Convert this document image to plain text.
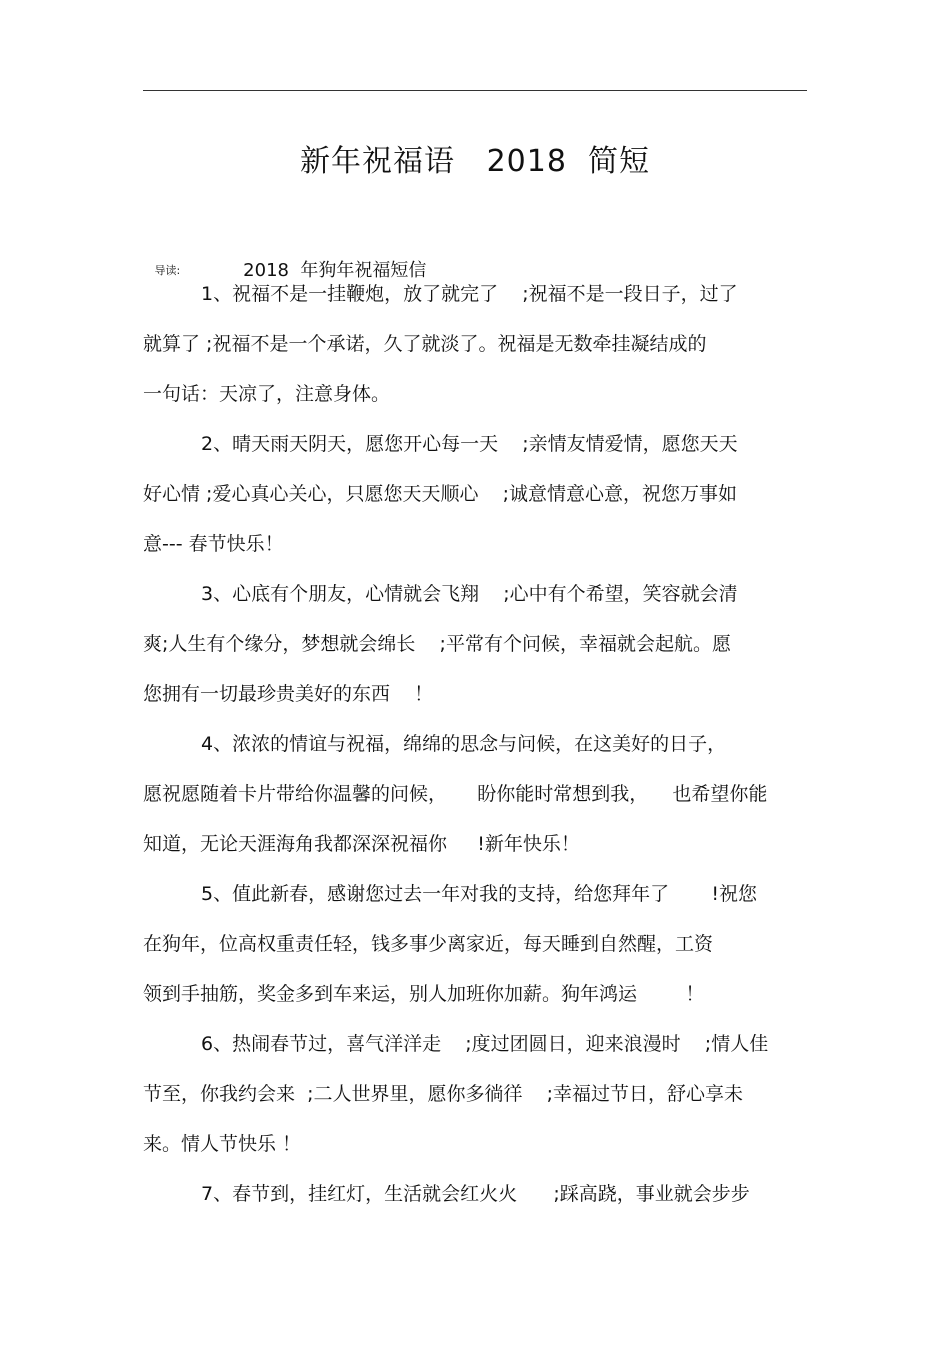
新年祝福语   2018  简短

导读:	2018  年狗年祝福短信

1、祝福不是一挂鞭炮，放了就完了    ;祝福不是一段日子，过了
就算了 ;祝福不是一个承诺，久了就淡了。祝福是无数牵挂凝结成的
一句话：天凉了，注意身体。
2、晴天雨天阴天，愿您开心每一天    ;亲情友情爱情，愿您天天
好心情 ;爱心真心关心，只愿您天天顺心    ;诚意情意心意，祝您万事如
意--- 春节快乐！
3、心底有个朋友，心情就会飞翔    ;心中有个希望，笑容就会清
爽;人生有个缘分，梦想就会绵长    ;平常有个问候，幸福就会起航。愿
您拥有一切最珍贵美好的东西    ！
4、浓浓的情谊与祝福，绵绵的思念与问候，在这美好的日子，
愿祝愿随着卡片带给你温馨的问候，     盼你能时常想到我，    也希望你能
知道，无论天涯海角我都深深祝福你     !新年快乐！
5、值此新春，感谢您过去一年对我的支持，给您拜年了       !祝您
在狗年，位高权重责任轻，钱多事少离家近，每天睡到自然醒，工资
领到手抽筋，奖金多到车来运，别人加班你加薪。狗年鸿运        ！
6、热闹春节过，喜气洋洋走    ;度过团圆日，迎来浪漫时    ;情人佳
节至，你我约会来  ;二人世界里，愿你多徜徉    ;幸福过节日，舒心享未
来。情人节快乐 ！
7、春节到，挂红灯，生活就会红火火      ;踩高跷，事业就会步步
